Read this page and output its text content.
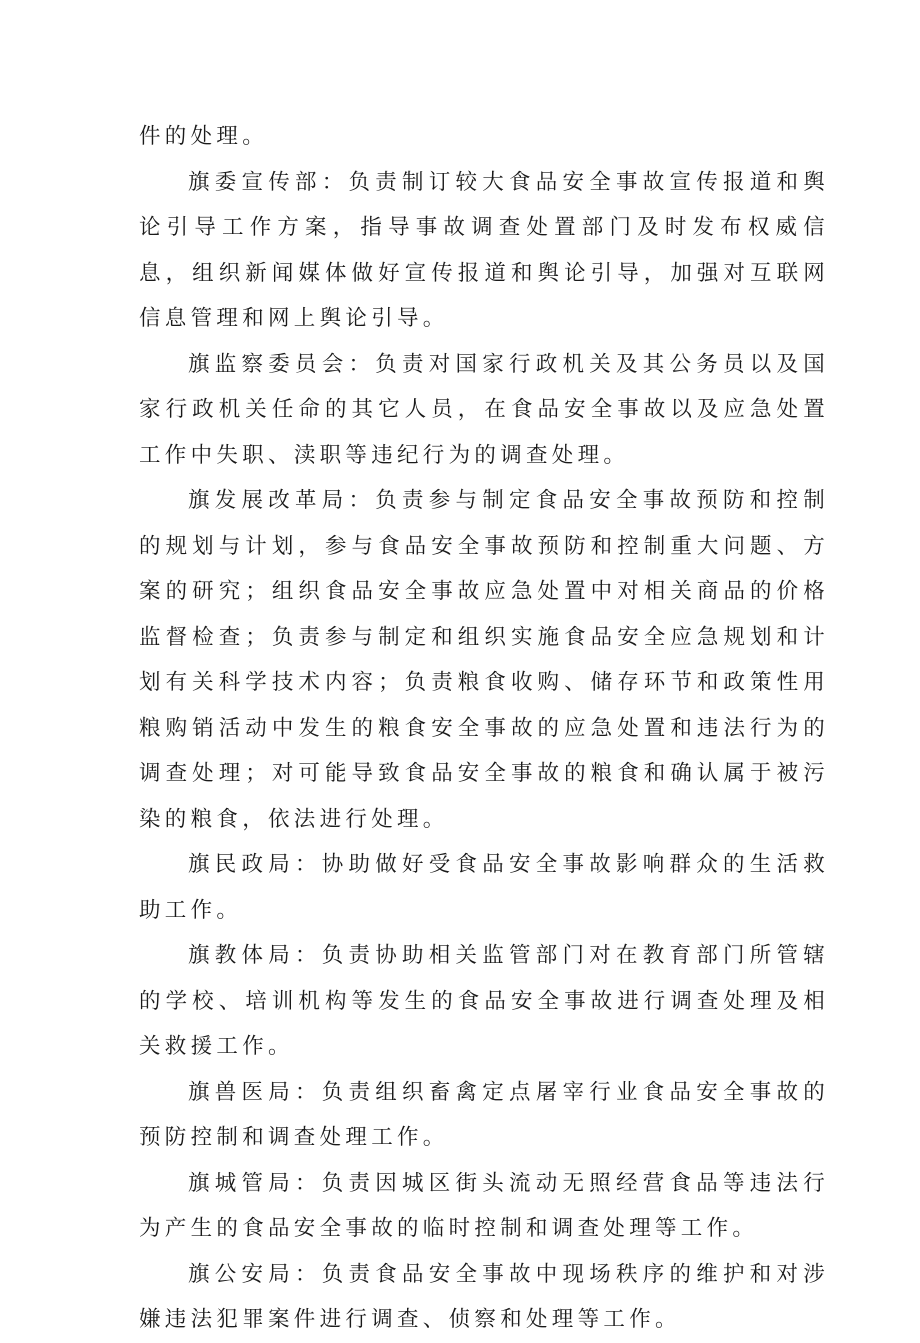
件的处理。

旗委宣传部：负责制订较大食品安全事故宣传报道和舆论引导工作方案，指导事故调查处置部门及时发布权威信息，组织新闻媒体做好宣传报道和舆论引导，加强对互联网信息管理和网上舆论引导。

旗监察委员会：负责对国家行政机关及其公务员以及国家行政机关任命的其它人员，在食品安全事故以及应急处置工作中失职、渎职等违纪行为的调查处理。

旗发展改革局：负责参与制定食品安全事故预防和控制的规划与计划，参与食品安全事故预防和控制重大问题、方案的研究；组织食品安全事故应急处置中对相关商品的价格监督检查；负责参与制定和组织实施食品安全应急规划和计划有关科学技术内容；负责粮食收购、储存环节和政策性用粮购销活动中发生的粮食安全事故的应急处置和违法行为的调查处理；对可能导致食品安全事故的粮食和确认属于被污染的粮食，依法进行处理。

旗民政局：协助做好受食品安全事故影响群众的生活救助工作。

旗教体局：负责协助相关监管部门对在教育部门所管辖的学校、培训机构等发生的食品安全事故进行调查处理及相关救援工作。

旗兽医局：负责组织畜禽定点屠宰行业食品安全事故的预防控制和调查处理工作。

旗城管局：负责因城区街头流动无照经营食品等违法行为产生的食品安全事故的临时控制和调查处理等工作。

旗公安局：负责食品安全事故中现场秩序的维护和对涉嫌违法犯罪案件进行调查、侦察和处理等工作。
